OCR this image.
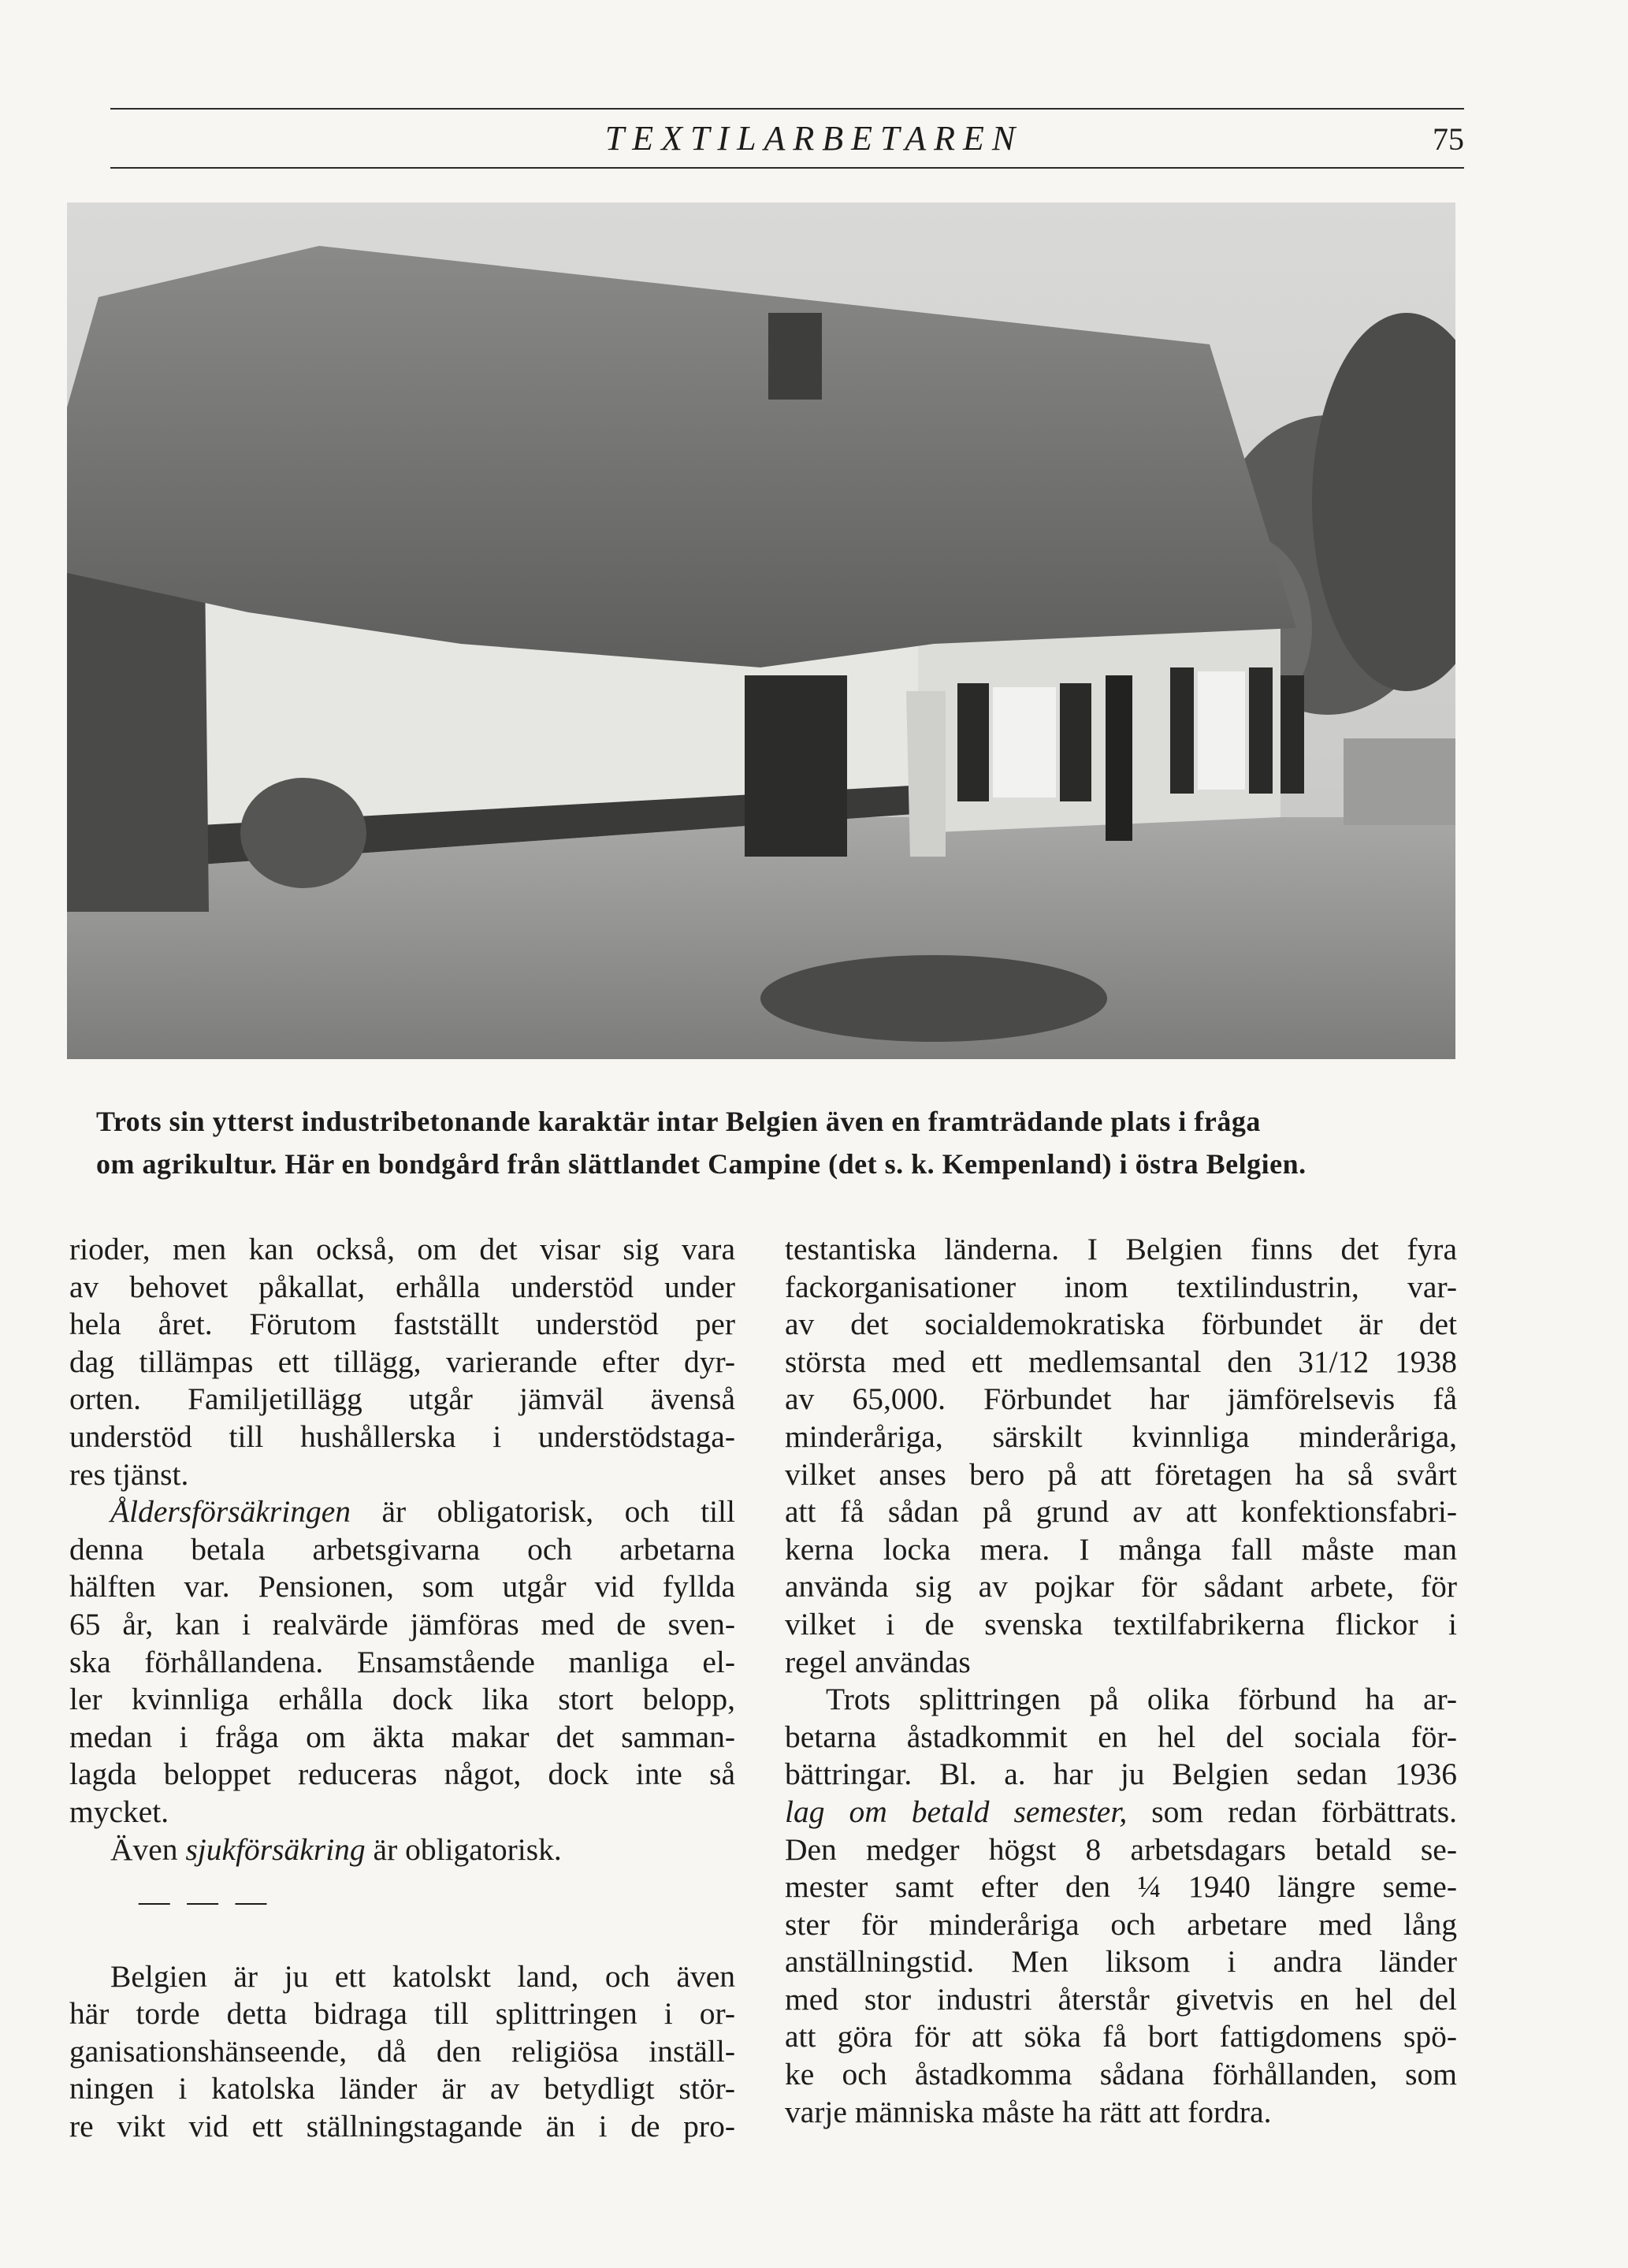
TEXTILARBETAREN	75
Trots sin ytterst industribetonande karaktär intar Belgien även en framträdande plats i fråga
om agrikultur. Här en bondgård från slättlandet Campine (det s. k. Kempenland) i östra Belgien.
rioder, men kan också, om det visar sig vara
av behovet påkallat, erhålla understöd under
hela året. Förutom fastställt understöd per
dag tillämpas ett tillägg, varierande efter dyr-
orten. Familjetillägg utgår jämväl ävenså
understöd till hushållerska i understödstaga-
res tjänst.
Åldersförsäkringen är obligatorisk, och till
denna betala arbetsgivarna och arbetarna
hälften var. Pensionen, som utgår vid fyllda
65 år, kan i realvärde jämföras med de sven-
ska förhållandena. Ensamstående manliga el-
ler kvinnliga erhålla dock lika stort belopp,
medan i fråga om äkta makar det samman-
lagda beloppet reduceras något, dock inte så
mycket.
Även sjukförsäkring är obligatorisk.
— — —
Belgien är ju ett katolskt land, och även
här torde detta bidraga till splittringen i or-
ganisationshänseende, då den religiösa inställ-
ningen i katolska länder är av betydligt stör-
re vikt vid ett ställningstagande än i de pro-
testantiska länderna. I Belgien finns det fyra
fackorganisationer inom textilindustrin, var-
av det socialdemokratiska förbundet är det
största med ett medlemsantal den 31/12 1938
av 65,000. Förbundet har jämförelsevis få
minderåriga, särskilt kvinnliga minderåriga,
vilket anses bero på att företagen ha så svårt
att få sådan på grund av att konfektionsfabri-
kerna locka mera. I många fall måste man
använda sig av pojkar för sådant arbete, för
vilket i de svenska textilfabrikerna flickor i
regel användas
Trots splittringen på olika förbund ha ar-
betarna åstadkommit en hel del sociala för-
bättringar. Bl. a. har ju Belgien sedan 1936
lag om betald semester, som redan förbättrats.
Den medger högst 8 arbetsdagars betald se-
mester samt efter den ¼ 1940 längre seme-
ster för minderåriga och arbetare med lång
anställningstid. Men liksom i andra länder
med stor industri återstår givetvis en hel del
att göra för att söka få bort fattigdomens spö-
ke och åstadkomma sådana förhållanden, som
varje människa måste ha rätt att fordra.
